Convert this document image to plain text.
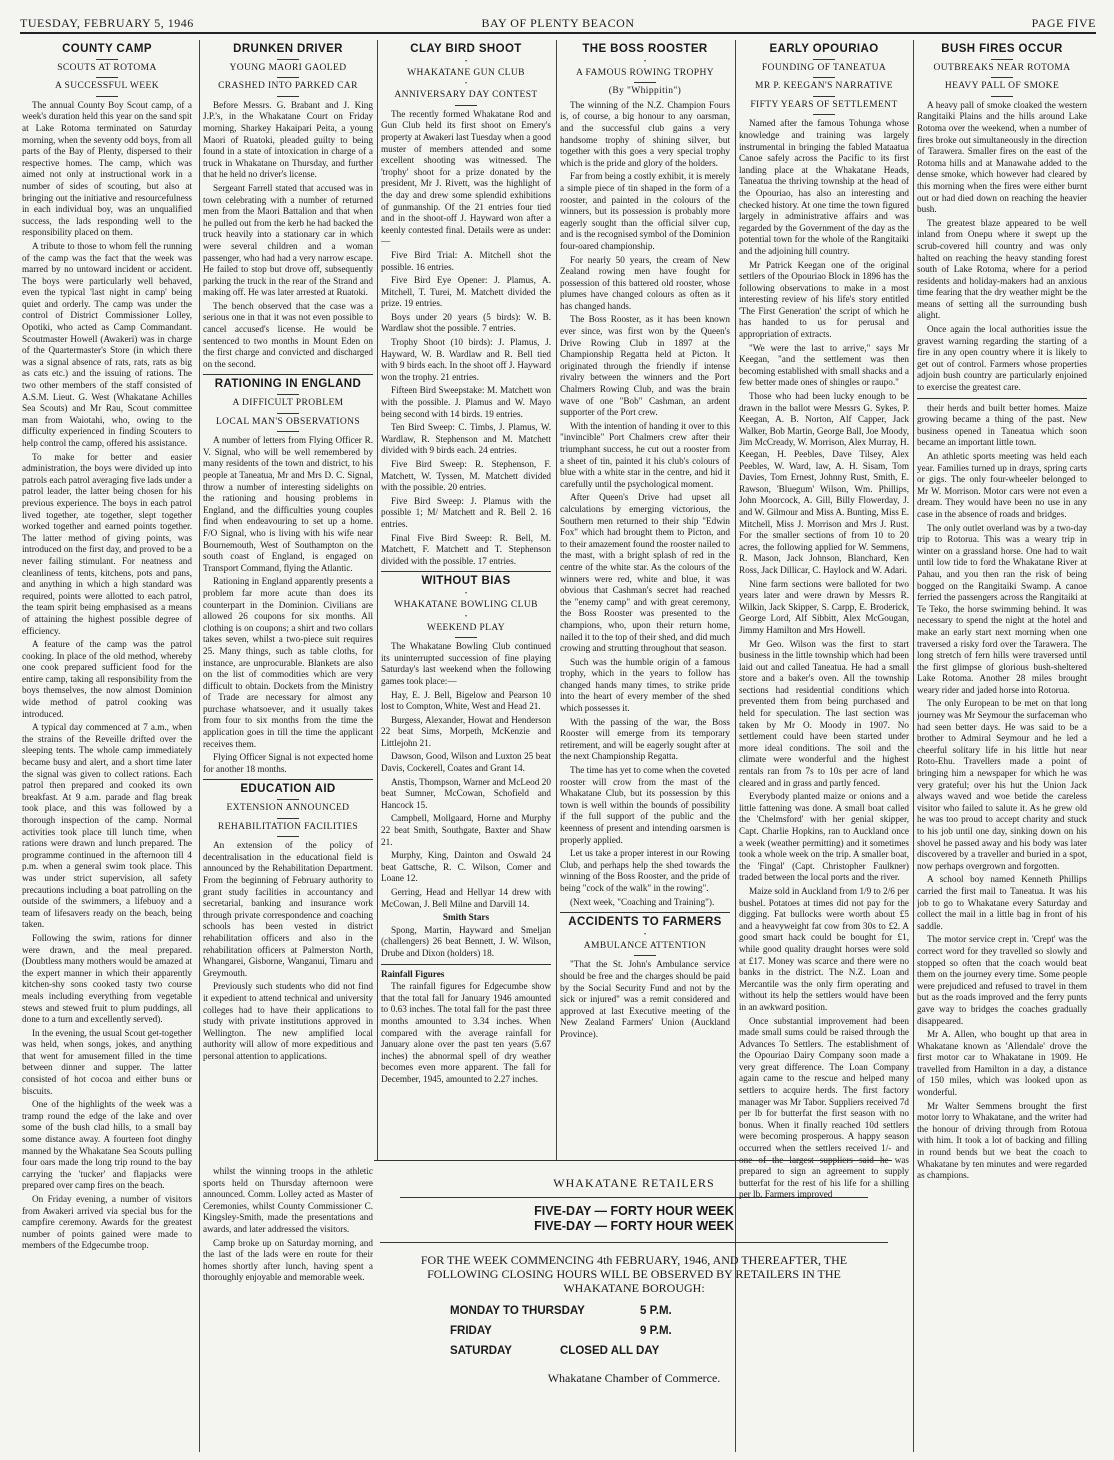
TUESDAY, FEBRUARY 5, 1946	BAY OF PLENTY BEACON	PAGE FIVE
COUNTY CAMP
SCOUTS AT ROTOMA
A SUCCESSFUL WEEK

The annual County Boy Scout camp, of a week's duration held this year on the sand spit at Lake Rotoma terminated on Saturday morning, when the seventy odd boys, from all parts of the Bay of Plenty, dispersed to their respective homes. The camp, which was aimed not only at instructional work in a number of sides of scouting, but also at bringing out the initiative and resourcefulness in each individual boy, was an unqualified success, the lads responding well to the responsibility placed on them.

A tribute to those to whom fell the running of the camp was the fact that the week was marred by no untoward incident or accident. The boys were particularly well behaved, even the typical 'last night in camp' being quiet and orderly. The camp was under the control of District Commissioner Lolley, Opotiki, who acted as Camp Commandant. Scoutmaster Howell (Awakeri) was in charge of the Quartermaster's Store (in which there was a signal absence of rats, rats, rats as big as cats etc.) and the issuing of rations. The two other members of the staff consisted of A.S.M. Lieut. G. West (Whakatane Achilles Sea Scouts) and Mr Rau, Scout committee man from Waiotahi, who, owing to the difficulty experienced in finding Scouters to help control the camp, offered his assistance.

To make for better and easier administration, the boys were divided up into patrols each patrol averaging five lads under a patrol leader, the latter being chosen for his previous experience. The boys in each patrol lived together, ate together, slept together worked together and earned points together. The latter method of giving points, was introduced on the first day, and proved to be a never failing stimulant. For neatness and cleanliness of tents, kitchens, pots and pans, and anything in which a high standard was required, points were allotted to each patrol, the team spirit being emphasised as a means of attaining the highest possible degree of efficiency.

A feature of the camp was the patrol cooking. In place of the old method, whereby one cook prepared sufficient food for the entire camp, taking all responsibility from the boys themselves, the now almost Dominion wide method of patrol cooking was introduced.

A typical day commenced at 7 a.m., when the strains of the Reveille drifted over the sleeping tents. The whole camp immediately became busy and alert, and a short time later the signal was given to collect rations. Each patrol then prepared and cooked its own breakfast. At 9 a.m. parade and flag break took place, and this was followed by a thorough inspection of the camp. Normal activities took place till lunch time, when rations were drawn and lunch prepared. The programme continued in the afternoon till 4 p.m. when a general swim took place. This was under strict supervision, all safety precautions including a boat patrolling on the outside of the swimmers, a lifebuoy and a team of lifesavers ready on the beach, being taken.

Following the swim, rations for dinner were drawn, and the meal prepared. (Doubtless many mothers would be amazed at the expert manner in which their apparently kitchen-shy sons cooked tasty two course meals including everything from vegetable stews and stewed fruit to plum puddings, all done to a turn and excellently served).

In the evening, the usual Scout get-together was held, when songs, jokes, and anything that went for amusement filled in the time between dinner and supper. The latter consisted of hot cocoa and either buns or biscuits.

One of the highlights of the week was a tramp round the edge of the lake and over some of the bush clad hills, to a small bay some distance away. A fourteen foot dinghy manned by the Whakatane Sea Scouts pulling four oars made the long trip round to the bay carrying the 'tucker' and flapjacks were prepared over camp fires on the beach.

On Friday evening, a number of visitors from Awakeri arrived via special bus for the campfire ceremony. Awards for the greatest number of points gained were made to members of the Edgecumbe troop.

DRUNKEN DRIVER
YOUNG MAORI GAOLED
CRASHED INTO PARKED CAR

Before Messrs. G. Brabant and J. King J.P.'s, in the Whakatane Court on Friday morning, Sharkey Hakaipari Peita, a young Maori of Ruatoki, pleaded guilty to being found in a state of intoxication in charge of a truck in Whakatane on Thursday, and further that he held no driver's license.

Sergeant Farrell stated that accused was in town celebrating with a number of returned men from the Maori Battalion and that when he pulled out from the kerb he had backed the truck heavily into a stationary car in which were several children and a woman passenger, who had had a very narrow escape. He failed to stop but drove off, subsequently parking the truck in the rear of the Strand and making off. He was later arrested at Ruatoki.

The bench observed that the case was a serious one in that it was not even possible to cancel accused's license. He would be sentenced to two months in Mount Eden on the first charge and convicted and discharged on the second.

RATIONING IN ENGLAND
A DIFFICULT PROBLEM
LOCAL MAN'S OBSERVATIONS

A number of letters from Flying Officer R. V. Signal, who will be well remembered by many residents of the town and district, to his people at Taneatua, Mr and Mrs D. C. Signal, throw a number of interesting sidelights on the rationing and housing problems in England, and the difficulties young couples find when endeavouring to set up a home. F/O Signal, who is living with his wife near Bournemouth, West of Southampton on the south coast of England, is engaged on Transport Command, flying the Atlantic.

Rationing in England apparently presents a problem far more acute than does its counterpart in the Dominion. Civilians are allowed 26 coupons for six months. All clothing is on coupons; a shirt and two collars takes seven, whilst a two-piece suit requires 25. Many things, such as table cloths, for instance, are unprocurable. Blankets are also on the list of commodities which are very difficult to obtain. Dockets from the Ministry of Trade are necessary for almost any purchase whatsoever, and it usually takes from four to six months from the time the application goes in till the time the applicant receives them.

Flying Officer Signal is not expected home for another 18 months.

EDUCATION AID
EXTENSION ANNOUNCED
REHABILITATION FACILITIES

An extension of the policy of decentralisation in the educational field is announced by the Rehabilitation Department. From the beginning of February authority to grant study facilities in accountancy and secretarial, banking and insurance work through private correspondence and coaching schools has been vested in district rehabilitation officers and also in the rehabilitation officers at Palmerston North, Whangarei, Gisborne, Wanganui, Timaru and Greymouth.

Previously such students who did not find it expedient to attend technical and university colleges had to have their applications to study with private institutions approved in Wellington. The new amplified local authority will allow of more expeditious and personal attention to applications.

whilst the winning troops in the athletic sports held on Thursday afternoon were announced. Comm. Lolley acted as Master of Ceremonies, whilst County Commissioner C. Kingsley-Smith, made the presentations and awards, and later addressed the visitors.

Camp broke up on Saturday morning, and the last of the lads were en route for their homes shortly after lunch, having spent a thoroughly enjoyable and memorable week.

CLAY BIRD SHOOT
•
WHAKATANE GUN CLUB
•
ANNIVERSARY DAY CONTEST

The recently formed Whakatane Rod and Gun Club held its first shoot on Emery's property at Awakeri last Tuesday when a good muster of members attended and some excellent shooting was witnessed. The 'trophy' shoot for a prize donated by the president, Mr J. Rivett, was the highlight of the day and drew some splendid exhibitions of gunmanship. Of the 21 entries four tied and in the shoot-off J. Hayward won after a keenly contested final. Details were as under:—

Five Bird Trial: A. Mitchell shot the possible. 16 entries.

Five Bird Eye Opener: J. Plamus, A. Mitchell, T. Turei, M. Matchett divided the prize. 19 entries.

Boys under 20 years (5 birds): W. B. Wardlaw shot the possible. 7 entries.

Trophy Shoot (10 birds): J. Plamus, J. Hayward, W. B. Wardlaw and R. Bell tied with 9 birds each. In the shoot off J. Hayward won the trophy. 21 entries.

Fifteen Bird Sweepstake: M. Matchett won with the possible. J. Plamus and W. Mayo being second with 14 birds. 19 entries.

Ten Bird Sweep: C. Timbs, J. Plamus, W. Wardlaw, R. Stephenson and M. Matchett divided with 9 birds each. 24 entries.

Five Bird Sweep: R. Stephenson, F. Matchett, W. Tyssen, M. Matchett divided with the possible. 20 entries.

Five Bird Sweep: J. Plamus with the possible 1; M/ Matchett and R. Bell 2. 16 entries.

Final Five Bird Sweep: R. Bell, M. Matchett, F. Matchett and T. Stephenson divided with the possible. 17 entries.

WITHOUT BIAS
•
WHAKATANE BOWLING CLUB
•
WEEKEND PLAY

The Whakatane Bowling Club continued its uninterrupted succession of fine playing Saturday's last weekend when the following games took place:—

Hay, E. J. Bell, Bigelow and Pearson 10 lost to Compton, White, West and Head 21.

Burgess, Alexander, Howat and Henderson 22 beat Sims, Morpeth, McKenzie and Littlejohn 21.

Dawson, Good, Wilson and Luxton 25 beat Davis, Cockerell, Coates and Grant 14.

Anstis, Thompson, Warner and McLeod 20 beat Sumner, McCowan, Schofield and Hancock 15.

Campbell, Mollgaard, Horne and Murphy 22 beat Smith, Southgate, Baxter and Shaw 21.

Murphy, King, Dainton and Oswald 24 beat Gattsche, R. C. Wilson, Comer and Loane 12.

Gerring, Head and Hellyar 14 drew with McCowan, J. Bell Milne and Darvill 14.

Smith Stars

Spong, Martin, Hayward and Smeljan (challengers) 26 beat Bennett, J. W. Wilson, Drube and Dixon (holders) 18.

Rainfall Figures

The rainfall figures for Edgecumbe show that the total fall for January 1946 amounted to 0.63 inches. The total fall for the past three months amounted to 3.34 inches. When compared with the average rainfall for January alone over the past ten years (5.67 inches) the abnormal spell of dry weather becomes even more apparent. The fall for December, 1945, amounted to 2.27 inches.

THE BOSS ROOSTER
•
A FAMOUS ROWING TROPHY
(By "Whippitin")

The winning of the N.Z. Champion Fours is, of course, a big honour to any oarsman, and the successful club gains a very handsome trophy of shining silver, but together with this goes a very special trophy which is the pride and glory of the holders.

Far from being a costly exhibit, it is merely a simple piece of tin shaped in the form of a rooster, and painted in the colours of the winners, but its possession is probably more eagerly sought than the official silver cup, and is the recognised symbol of the Dominion four-oared championship.

For nearly 50 years, the cream of New Zealand rowing men have fought for possession of this battered old rooster, whose plumes have changed colours as often as it has changed hands.

The Boss Rooster, as it has been known ever since, was first won by the Queen's Drive Rowing Club in 1897 at the Championship Regatta held at Picton. It originated through the friendly if intense rivalry between the winners and the Port Chalmers Rowing Club, and was the brain wave of one "Bob" Cashman, an ardent supporter of the Port crew.

With the intention of handing it over to this "invincible" Port Chalmers crew after their triumphant success, he cut out a rooster from a sheet of tin, painted it his club's colours of blue with a white star in the centre, and hid it carefully until the psychological moment.

After Queen's Drive had upset all calculations by emerging victorious, the Southern men returned to their ship "Edwin Fox" which had brought them to Picton, and to their amazement found the rooster nailed to the mast, with a bright splash of red in the centre of the white star. As the colours of the winners were red, white and blue, it was obvious that Cashman's secret had reached the "enemy camp" and with great ceremony, the Boss Rooster was presented to the champions, who, upon their return home, nailed it to the top of their shed, and did much crowing and strutting throughout that season.

Such was the humble origin of a famous trophy, which in the years to follow has changed hands many times, to strike pride into the heart of every member of the shed which possesses it.

With the passing of the war, the Boss Rooster will emerge from its temporary retirement, and will be eagerly sought after at the next Championship Regatta.

The time has yet to come when the coveted rooster will crow from the mast of the Whakatane Club, but its possession by this town is well within the bounds of possibility if the full support of the public and the keenness of present and intending oarsmen is properly applied.

Let us take a proper interest in our Rowing Club, and perhaps help the shed towards the winning of the Boss Rooster, and the pride of being "cock of the walk" in the rowing".

(Next week, "Coaching and Training").

ACCIDENTS TO FARMERS
•
AMBULANCE ATTENTION

"That the St. John's Ambulance service should be free and the charges should be paid by the Social Security Fund and not by the sick or injured" was a remit considered and approved at last Executive meeting of the New Zealand Farmers' Union (Auckland Province).

EARLY OPOURIAO
FOUNDING OF TANEATUA
MR P. KEEGAN'S NARRATIVE
FIFTY YEARS OF SETTLEMENT

Named after the famous Tohunga whose knowledge and training was largely instrumental in bringing the fabled Mataatua Canoe safely across the Pacific to its first landing place at the Whakatane Heads, Taneatua the thriving township at the head of the Opouriao, has also an interesting and checked history. At one time the town figured largely in administrative affairs and was regarded by the Government of the day as the potential town for the whole of the Rangitaiki and the adjoining hill country.

Mr Patrick Keegan one of the original settlers of the Opouriao Block in 1896 has the following observations to make in a most interesting review of his life's story entitled 'The First Generation' the script of which he has handed to us for perusal and appropriation of extracts.

"We were the last to arrive," says Mr Keegan, "and the settlement was then becoming established with small shacks and a few better made ones of shingles or raupo."

Those who had been lucky enough to be drawn in the ballot were Messrs G. Sykes, P. Keegan, A. B. Norton, Alf Capper, Jack Walker, Bob Martin, George Ball, Joe Moody, Jim McCready, W. Morrison, Alex Murray, H. Keegan, H. Peebles, Dave Tilsey, Alex Peebles, W. Ward, law, A. H. Sisam, Tom Davies, Tom Ernest, Johnny Rust, Smith, E. Rawson, 'Bluegum' Wilson, Wm. Phillips, John Moorcock, A. Gill, Billy Flowerday, J. and W. Gilmour and Miss A. Bunting, Miss E. Mitchell, Miss J. Morrison and Mrs J. Rust. For the smaller sections of from 10 to 20 acres, the following applied for W. Semmens, R. Mason, Jack Johnson, Blanchard, Ken Ross, Jack Dillicar, C. Haylock and W. Adari.

Nine farm sections were balloted for two years later and were drawn by Messrs R. Wilkin, Jack Skipper, S. Carpp, E. Broderick, George Lord, Alf Sibbitt, Alex McGougan, Jimmy Hamilton and Mrs Howell.

Mr Geo. Wilson was the first to start business in the little township which had been laid out and called Taneatua. He had a small store and a baker's oven. All the township sections had residential conditions which prevented them from being purchased and held for speculation. The last section was taken by Mr O. Moody in 1907. No settlement could have been started under more ideal conditions. The soil and the climate were wonderful and the highest rentals ran from 7s to 10s per acre of land cleared and in grass and partly fenced.

Everybody planted maize or onions and a little fattening was done. A small boat called the 'Chelmsford' with her genial skipper, Capt. Charlie Hopkins, ran to Auckland once a week (weather permitting) and it sometimes took a whole week on the trip. A smaller boat, the 'Fingal' (Capt. Christopher Faulkner) traded between the local ports and the river.

Maize sold in Auckland from 1/9 to 2/6 per bushel. Potatoes at times did not pay for the digging. Fat bullocks were worth about £5 and a heavyweight fat cow from 30s to £2. A good smart hack could be bought for £1, while good quality draught horses were sold at £17. Money was scarce and there were no banks in the district. The N.Z. Loan and Mercantile was the only firm operating and without its help the settlers would have been in an awkward position.

Once substantial improvement had been made small sums could be raised through the Advances To Settlers. The establishment of the Opouriao Dairy Company soon made a very great difference. The Loan Company again came to the rescue and helped many settlers to acquire herds. The first factory manager was Mr Tabor. Suppliers received 7d per lb for butterfat the first season with no bonus. When it finally reached 10d settlers were becoming prosperous. A happy season occurred when the settlers received 1/- and one of the largest suppliers said he was prepared to sign an agreement to supply butterfat for the rest of his life for a shilling per lb. Farmers improved

BUSH FIRES OCCUR
OUTBREAKS NEAR ROTOMA
HEAVY PALL OF SMOKE

A heavy pall of smoke cloaked the western Rangitaiki Plains and the hills around Lake Rotoma over the weekend, when a number of fires broke out simultaneously in the direction of Tarawera. Smaller fires on the east of the Rotoma hills and at Manawahe added to the dense smoke, which however had cleared by this morning when the fires were either burnt out or had died down on reaching the heavier bush.

The greatest blaze appeared to be well inland from Onepu where it swept up the scrub-covered hill country and was only halted on reaching the heavy standing forest south of Lake Rotoma, where for a period residents and holiday-makers had an anxious time fearing that the dry weather might be the means of setting all the surrounding bush alight.

Once again the local authorities issue the gravest warning regarding the starting of a fire in any open country where it is likely to get out of control. Farmers whose properties adjoin bush country are particularly enjoined to exercise the greatest care.

their herds and built better homes. Maize growing became a thing of the past. New business opened in Taneatua which soon became an important little town.

An athletic sports meeting was held each year. Families turned up in drays, spring carts or gigs. The only four-wheeler belonged to Mr W. Morrison. Motor cars were not even a dream. They would have been no use in any case in the absence of roads and bridges.

The only outlet overland was by a two-day trip to Rotorua. This was a weary trip in winter on a grassland horse. One had to wait until low tide to ford the Whakatane River at Pahau, and you then ran the risk of being bogged on the Rangitaiki Swamp. A canoe ferried the passengers across the Rangitaiki at Te Teko, the horse swimming behind. It was necessary to spend the night at the hotel and make an early start next morning when one traversed a risky ford over the Tarawera. The long stretch of fern hills were traversed until the first glimpse of glorious bush-sheltered Lake Rotoma. Another 28 miles brought weary rider and jaded horse into Rotorua.

The only European to be met on that long journey was Mr Seymour the surfaceman who had seen better days. He was said to be a brother to Admiral Seymour and he led a cheerful solitary life in his little hut near Roto-Ehu. Travellers made a point of bringing him a newspaper for which he was very grateful; over his hut the Union Jack always waved and woe betide the careless visitor who failed to salute it. As he grew old he was too proud to accept charity and stuck to his job until one day, sinking down on his shovel he passed away and his body was later discovered by a traveller and buried in a spot, now perhaps overgrown and forgotten.

A school boy named Kenneth Phillips carried the first mail to Taneatua. It was his job to go to Whakatane every Saturday and collect the mail in a little bag in front of his saddle.

The motor service crept in. 'Crept' was the correct word for they travelled so slowly and stopped so often that the coach would beat them on the journey every time. Some people were prejudiced and refused to travel in them but as the roads improved and the ferry punts gave way to bridges the coaches gradually disappeared.

Mr A. Allen, who bought up that area in Whakatane known as 'Allendale' drove the first motor car to Whakatane in 1909. He travelled from Hamilton in a day, a distance of 150 miles, which was looked upon as wonderful.

Mr Walter Semmens brought the first motor lorry to Whakatane, and the writer had the honour of driving through from Rotoua with him. It took a lot of backing and filling in round bends but we beat the coach to Whakatane by ten minutes and were regarded as champions.

WHAKATANE RETAILERS
FIVE-DAY — FORTY HOUR WEEK
FIVE-DAY — FORTY HOUR WEEK
FOR THE WEEK COMMENCING 4th FEBRUARY, 1946, AND THEREAFTER, THE FOLLOWING CLOSING HOURS WILL BE OBSERVED BY RETAILERS IN THE WHAKATANE BOROUGH:
MONDAY TO THURSDAY	5 P.M.
FRIDAY	9 P.M.
SATURDAY	CLOSED ALL DAY
Whakatane Chamber of Commerce.
